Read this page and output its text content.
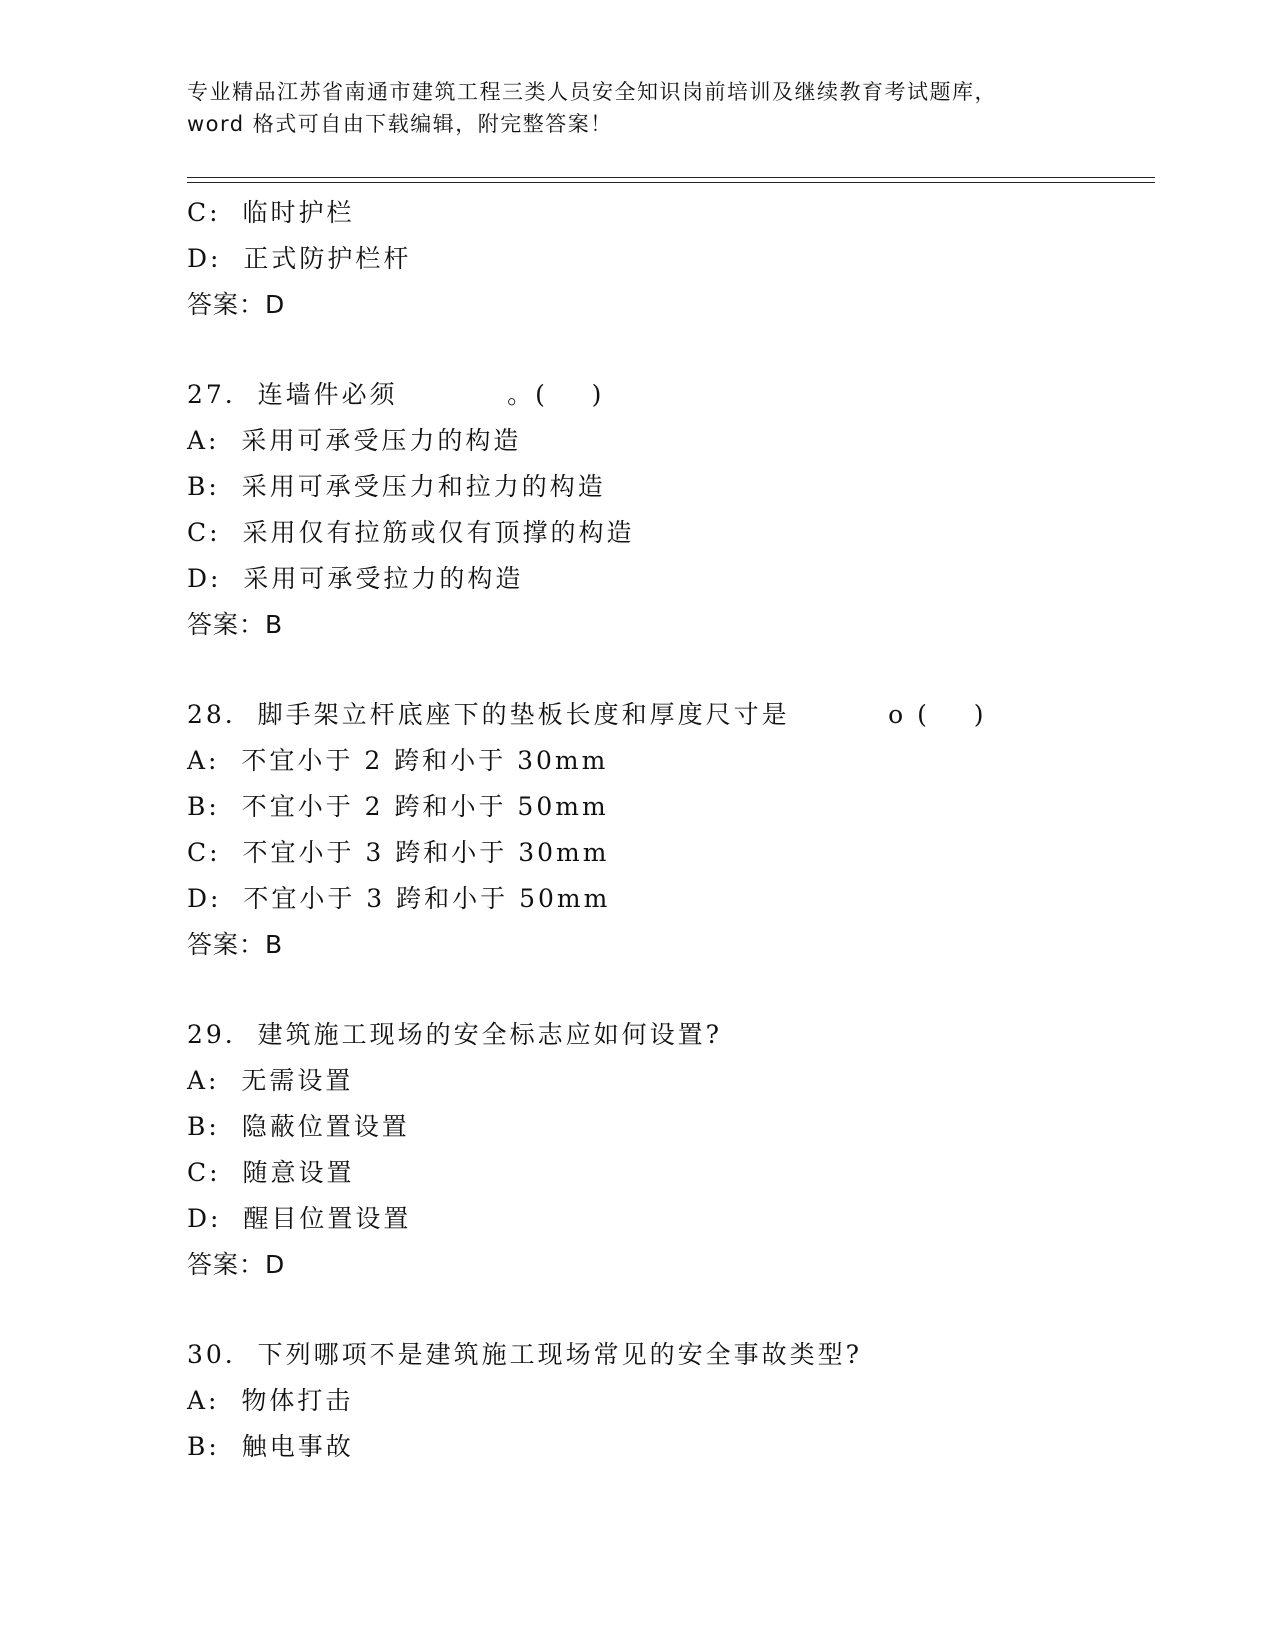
专业精品江苏省南通市建筑工程三类人员安全知识岗前培训及继续教育考试题库，
word 格式可自由下载编辑，附完整答案！
C:  临时护栏
D:  正式防护栏杆
答案：D
27.  连墙件必须          。(    )
A:  采用可承受压力的构造
B:  采用可承受压力和拉力的构造
C:  采用仅有拉筋或仅有顶撑的构造
D:  采用可承受拉力的构造
答案：B
28.  脚手架立杆底座下的垫板长度和厚度尺寸是         o (    )
A:  不宜小于 2 跨和小于 30mm
B:  不宜小于 2 跨和小于 50mm
C:  不宜小于 3 跨和小于 30mm
D:  不宜小于 3 跨和小于 50mm
答案：B
29.  建筑施工现场的安全标志应如何设置?
A:  无需设置
B:  隐蔽位置设置
C:  随意设置
D:  醒目位置设置
答案：D
30.  下列哪项不是建筑施工现场常见的安全事故类型?
A:  物体打击
B:  触电事故
